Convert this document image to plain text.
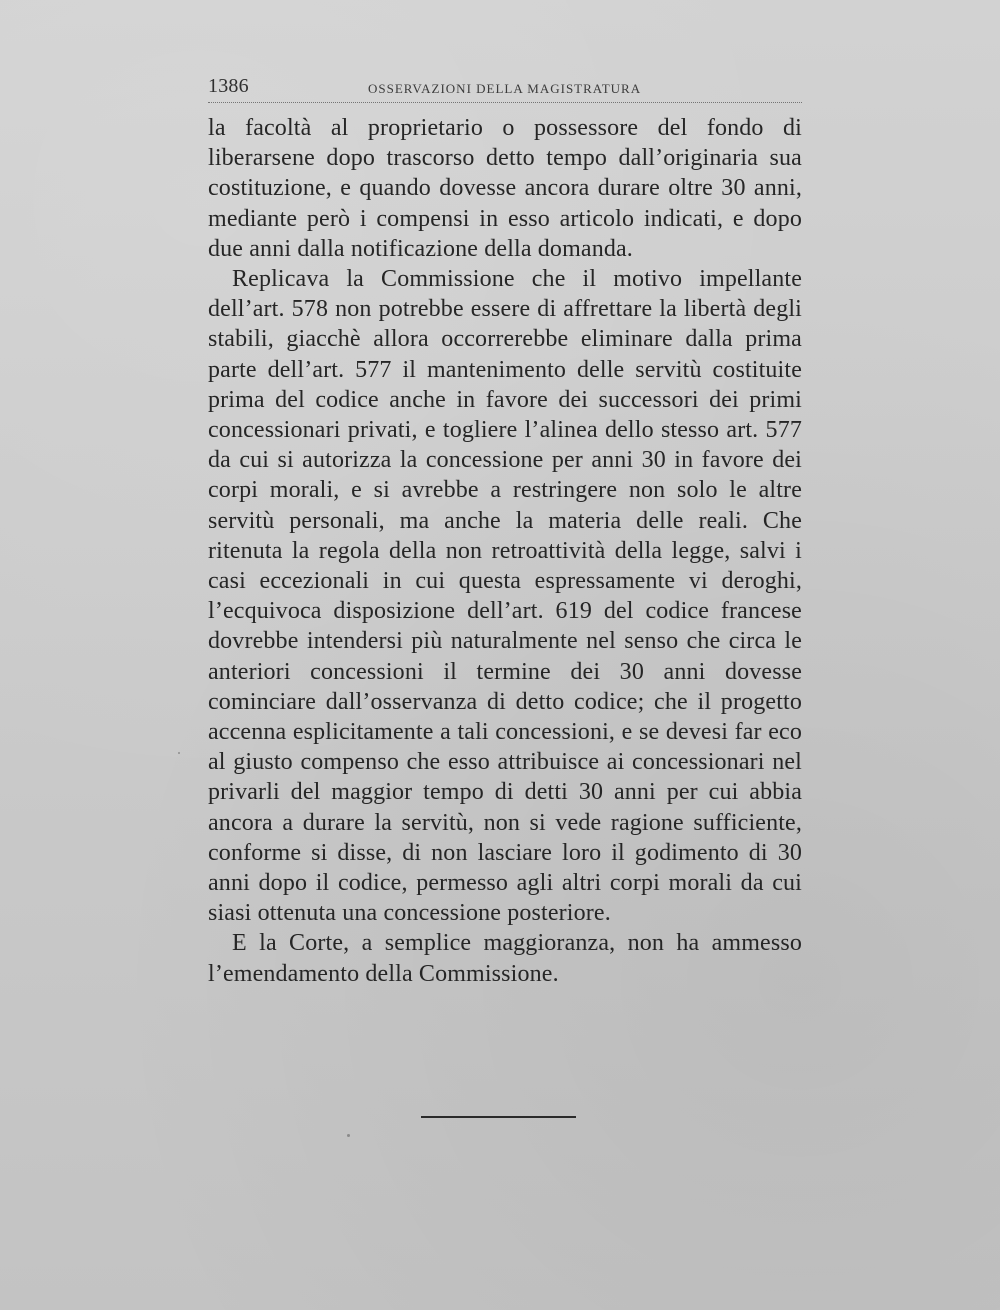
1386	OSSERVAZIONI DELLA MAGISTRATURA

la facoltà al proprietario o possessore del fondo di liberarsene dopo trascorso detto tempo dall’originaria sua costituzione, e quando dovesse ancora durare oltre 30 anni, mediante però i compensi in esso articolo indicati, e dopo due anni dalla notificazione della domanda.

Replicava la Commissione che il motivo impellante dell’art. 578 non potrebbe essere di affrettare la libertà degli stabili, giacchè allora occorrerebbe eliminare dalla prima parte dell’art. 577 il mantenimento delle servitù costituite prima del codice anche in favore dei successori dei primi concessionari privati, e togliere l’alinea dello stesso art. 577 da cui si autorizza la concessione per anni 30 in favore dei corpi morali, e si avrebbe a restringere non solo le altre servitù personali, ma anche la materia delle reali. Che ritenuta la regola della non retroattività della legge, salvi i casi eccezionali in cui questa espressamente vi deroghi, l’ecquivoca disposizione dell’art. 619 del codice francese dovrebbe intendersi più naturalmente nel senso che circa le anteriori concessioni il termine dei 30 anni dovesse cominciare dall’osservanza di detto codice; che il progetto accenna esplicitamente a tali concessioni, e se devesi far eco al giusto compenso che esso attribuisce ai concessionari nel privarli del maggior tempo di detti 30 anni per cui abbia ancora a durare la servitù, non si vede ragione sufficiente, conforme si disse, di non lasciare loro il godimento di 30 anni dopo il codice, permesso agli altri corpi morali da cui siasi ottenuta una concessione posteriore.

E la Corte, a semplice maggioranza, non ha ammesso l’emendamento della Commissione.
